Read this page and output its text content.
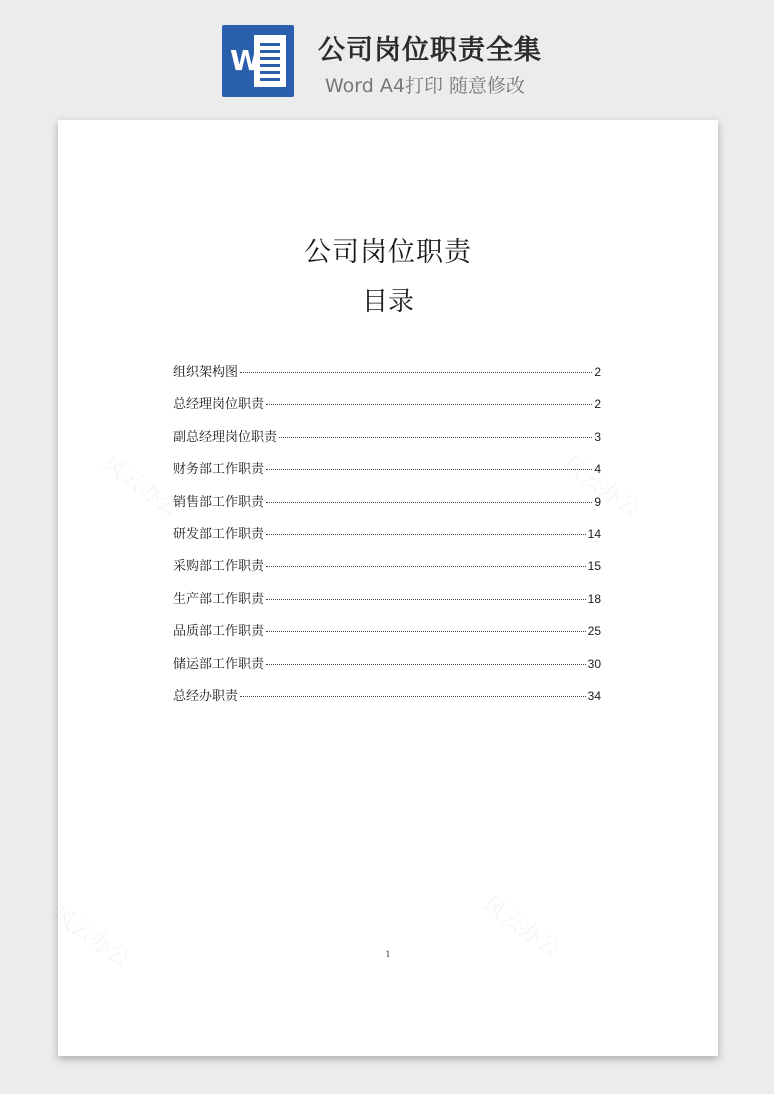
W 公司岗位职责全集
Word A4打印 随意修改
公司岗位职责
目录
组织架构图	2
总经理岗位职责	2
副总经理岗位职责	3
财务部工作职责	4
销售部工作职责	9
研发部工作职责	14
采购部工作职责	15
生产部工作职责	18
品质部工作职责	25
储运部工作职责	30
总经办职责	34
1
